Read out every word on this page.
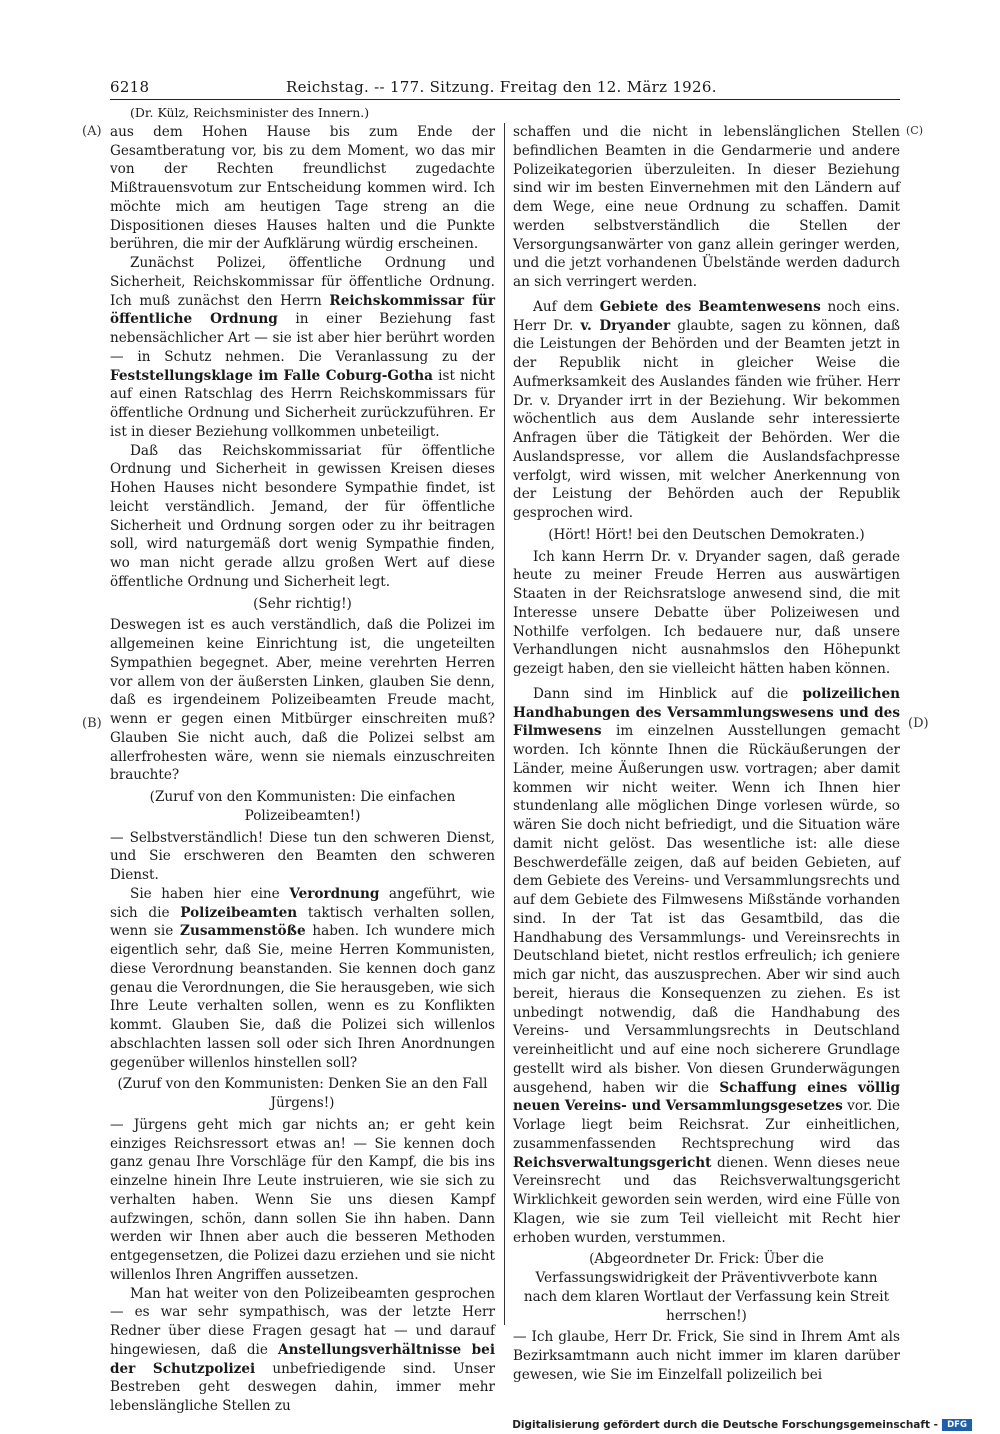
6218	Reichstag. -- 177. Sitzung. Freitag den 12. März 1926.
(A)
(B)
(C)
(D)

(Dr. Külz, Reichsminister des Innern.)

aus dem Hohen Hause bis zum Ende der Gesamtberatung vor, bis zu dem Moment, wo das mir von der Rechten freundlichst zugedachte Mißtrauensvotum zur Entscheidung kommen wird. Ich möchte mich am heutigen Tage streng an die Dispositionen dieses Hauses halten und die Punkte berühren, die mir der Aufklärung würdig erscheinen.

Zunächst Polizei, öffentliche Ordnung und Sicherheit, Reichskommissar für öffentliche Ordnung. Ich muß zunächst den Herrn Reichskommissar für öffentliche Ordnung in einer Beziehung fast nebensächlicher Art — sie ist aber hier berührt worden — in Schutz nehmen. Die Veranlassung zu der Feststellungsklage im Falle Coburg-Gotha ist nicht auf einen Ratschlag des Herrn Reichskommissars für öffentliche Ordnung und Sicherheit zurückzuführen. Er ist in dieser Beziehung vollkommen unbeteiligt.

Daß das Reichskommissariat für öffentliche Ordnung und Sicherheit in gewissen Kreisen dieses Hohen Hauses nicht besondere Sympathie findet, ist leicht verständlich. Jemand, der für öffentliche Sicherheit und Ordnung sorgen oder zu ihr beitragen soll, wird naturgemäß dort wenig Sympathie finden, wo man nicht gerade allzu großen Wert auf diese öffentliche Ordnung und Sicherheit legt.

(Sehr richtig!)

Deswegen ist es auch verständlich, daß die Polizei im allgemeinen keine Einrichtung ist, die ungeteilten Sympathien begegnet. Aber, meine verehrten Herren vor allem von der äußersten Linken, glauben Sie denn, daß es irgendeinem Polizeibeamten Freude macht, wenn er gegen einen Mitbürger einschreiten muß? Glauben Sie nicht auch, daß die Polizei selbst am allerfrohesten wäre, wenn sie niemals einzuschreiten brauchte?

(Zuruf von den Kommunisten: Die einfachen Polizeibeamten!)

— Selbstverständlich! Diese tun den schweren Dienst, und Sie erschweren den Beamten den schweren Dienst.

Sie haben hier eine Verordnung angeführt, wie sich die Polizeibeamten taktisch verhalten sollen, wenn sie Zusammenstöße haben. Ich wundere mich eigentlich sehr, daß Sie, meine Herren Kommunisten, diese Verordnung beanstanden. Sie kennen doch ganz genau die Verordnungen, die Sie herausgeben, wie sich Ihre Leute verhalten sollen, wenn es zu Konflikten kommt. Glauben Sie, daß die Polizei sich willenlos abschlachten lassen soll oder sich Ihren Anordnungen gegenüber willenlos hinstellen soll?

(Zuruf von den Kommunisten: Denken Sie an den Fall Jürgens!)

— Jürgens geht mich gar nichts an; er geht kein einziges Reichsressort etwas an! — Sie kennen doch ganz genau Ihre Vorschläge für den Kampf, die bis ins einzelne hinein Ihre Leute instruieren, wie sie sich zu verhalten haben. Wenn Sie uns diesen Kampf aufzwingen, schön, dann sollen Sie ihn haben. Dann werden wir Ihnen aber auch die besseren Methoden entgegensetzen, die Polizei dazu erziehen und sie nicht willenlos Ihren Angriffen aussetzen.

Man hat weiter von den Polizeibeamten gesprochen — es war sehr sympathisch, was der letzte Herr Redner über diese Fragen gesagt hat — und darauf hingewiesen, daß die Anstellungsverhältnisse bei der Schutzpolizei unbefriedigende sind. Unser Bestreben geht deswegen dahin, immer mehr lebenslängliche Stellen zu

schaffen und die nicht in lebenslänglichen Stellen befindlichen Beamten in die Gendarmerie und andere Polizeikategorien überzuleiten. In dieser Beziehung sind wir im besten Einvernehmen mit den Ländern auf dem Wege, eine neue Ordnung zu schaffen. Damit werden selbstverständlich die Stellen der Versorgungsanwärter von ganz allein geringer werden, und die jetzt vorhandenen Übelstände werden dadurch an sich verringert werden.

Auf dem Gebiete des Beamtenwesens noch eins. Herr Dr. v. Dryander glaubte, sagen zu können, daß die Leistungen der Behörden und der Beamten jetzt in der Republik nicht in gleicher Weise die Aufmerksamkeit des Auslandes fänden wie früher. Herr Dr. v. Dryander irrt in der Beziehung. Wir bekommen wöchentlich aus dem Auslande sehr interessierte Anfragen über die Tätigkeit der Behörden. Wer die Auslandspresse, vor allem die Auslandsfachpresse verfolgt, wird wissen, mit welcher Anerkennung von der Leistung der Behörden auch der Republik gesprochen wird.

(Hört! Hört! bei den Deutschen Demokraten.)

Ich kann Herrn Dr. v. Dryander sagen, daß gerade heute zu meiner Freude Herren aus auswärtigen Staaten in der Reichsratsloge anwesend sind, die mit Interesse unsere Debatte über Polizeiwesen und Nothilfe verfolgen. Ich bedauere nur, daß unsere Verhandlungen nicht ausnahmslos den Höhepunkt gezeigt haben, den sie vielleicht hätten haben können.

Dann sind im Hinblick auf die polizeilichen Handhabungen des Versammlungswesens und des Filmwesens im einzelnen Ausstellungen gemacht worden. Ich könnte Ihnen die Rückäußerungen der Länder, meine Äußerungen usw. vortragen; aber damit kommen wir nicht weiter. Wenn ich Ihnen hier stundenlang alle möglichen Dinge vorlesen würde, so wären Sie doch nicht befriedigt, und die Situation wäre damit nicht gelöst. Das wesentliche ist: alle diese Beschwerdefälle zeigen, daß auf beiden Gebieten, auf dem Gebiete des Vereins- und Versammlungsrechts und auf dem Gebiete des Filmwesens Mißstände vorhanden sind. In der Tat ist das Gesamtbild, das die Handhabung des Versammlungs- und Vereinsrechts in Deutschland bietet, nicht restlos erfreulich; ich geniere mich gar nicht, das auszusprechen. Aber wir sind auch bereit, hieraus die Konsequenzen zu ziehen. Es ist unbedingt notwendig, daß die Handhabung des Vereins- und Versammlungsrechts in Deutschland vereinheitlicht und auf eine noch sicherere Grundlage gestellt wird als bisher. Von diesen Grunderwägungen ausgehend, haben wir die Schaffung eines völlig neuen Vereins- und Versammlungsgesetzes vor. Die Vorlage liegt beim Reichsrat. Zur einheitlichen, zusammenfassenden Rechtsprechung wird das Reichsverwaltungsgericht dienen. Wenn dieses neue Vereinsrecht und das Reichsverwaltungsgericht Wirklichkeit geworden sein werden, wird eine Fülle von Klagen, wie sie zum Teil vielleicht mit Recht hier erhoben wurden, verstummen.

(Abgeordneter Dr. Frick: Über die Verfassungswidrigkeit der Präventivverbote kann nach dem klaren Wortlaut der Verfassung kein Streit herrschen!)

— Ich glaube, Herr Dr. Frick, Sie sind in Ihrem Amt als Bezirksamtmann auch nicht immer im klaren darüber gewesen, wie Sie im Einzelfall polizeilich bei

Digitalisierung gefördert durch die Deutsche Forschungsgemeinschaft -	DFG
